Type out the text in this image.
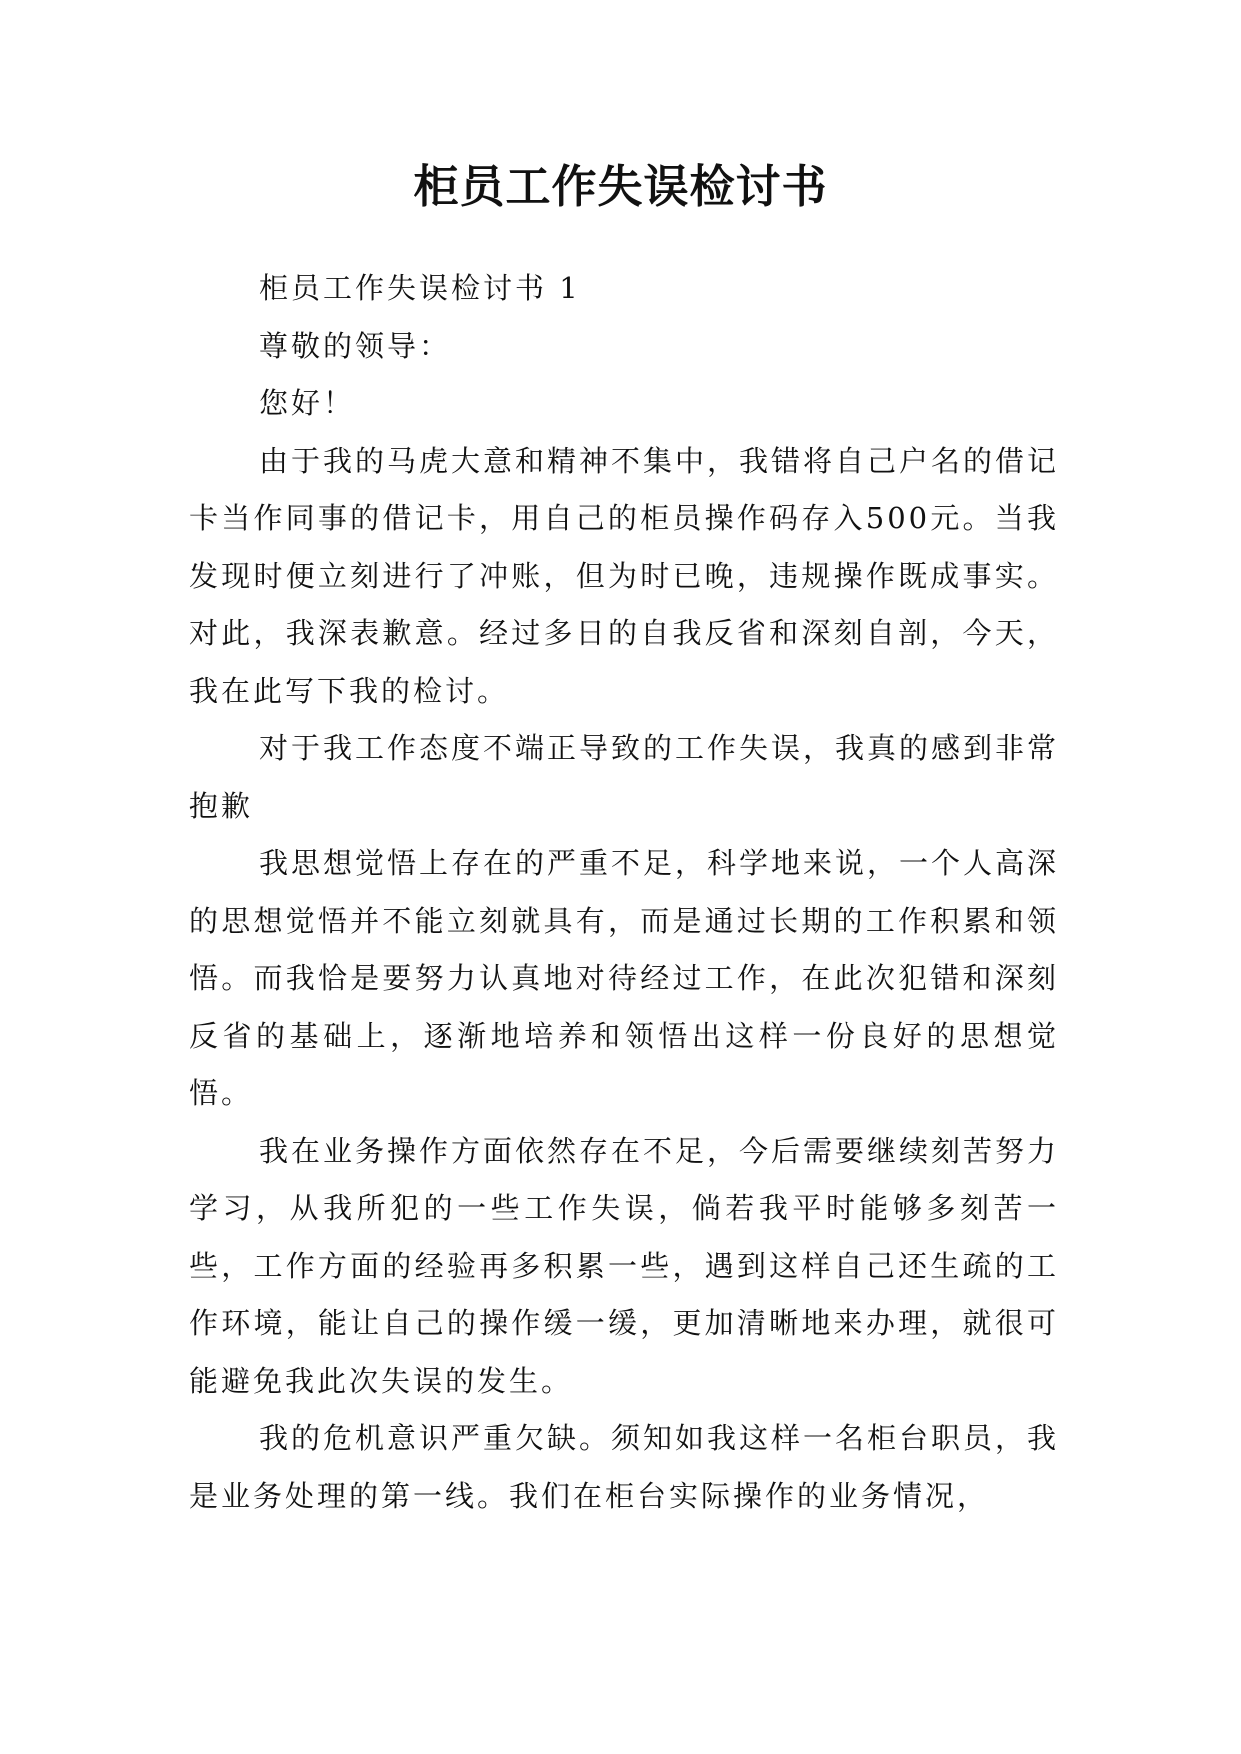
柜员工作失误检讨书

柜员工作失误检讨书 1

尊敬的领导：

您好！

由于我的马虎大意和精神不集中，我错将自己户名的借记卡当作同事的借记卡，用自己的柜员操作码存入500元。当我发现时便立刻进行了冲账，但为时已晚，违规操作既成事实。对此，我深表歉意。经过多日的自我反省和深刻自剖，今天，我在此写下我的检讨。

对于我工作态度不端正导致的工作失误，我真的感到非常抱歉

我思想觉悟上存在的严重不足，科学地来说，一个人高深的思想觉悟并不能立刻就具有，而是通过长期的工作积累和领悟。而我恰是要努力认真地对待经过工作，在此次犯错和深刻反省的基础上，逐渐地培养和领悟出这样一份良好的思想觉悟。

我在业务操作方面依然存在不足，今后需要继续刻苦努力学习，从我所犯的一些工作失误，倘若我平时能够多刻苦一些，工作方面的经验再多积累一些，遇到这样自己还生疏的工作环境，能让自己的操作缓一缓，更加清晰地来办理，就很可能避免我此次失误的发生。

我的危机意识严重欠缺。须知如我这样一名柜台职员，我是业务处理的第一线。我们在柜台实际操作的业务情况，
